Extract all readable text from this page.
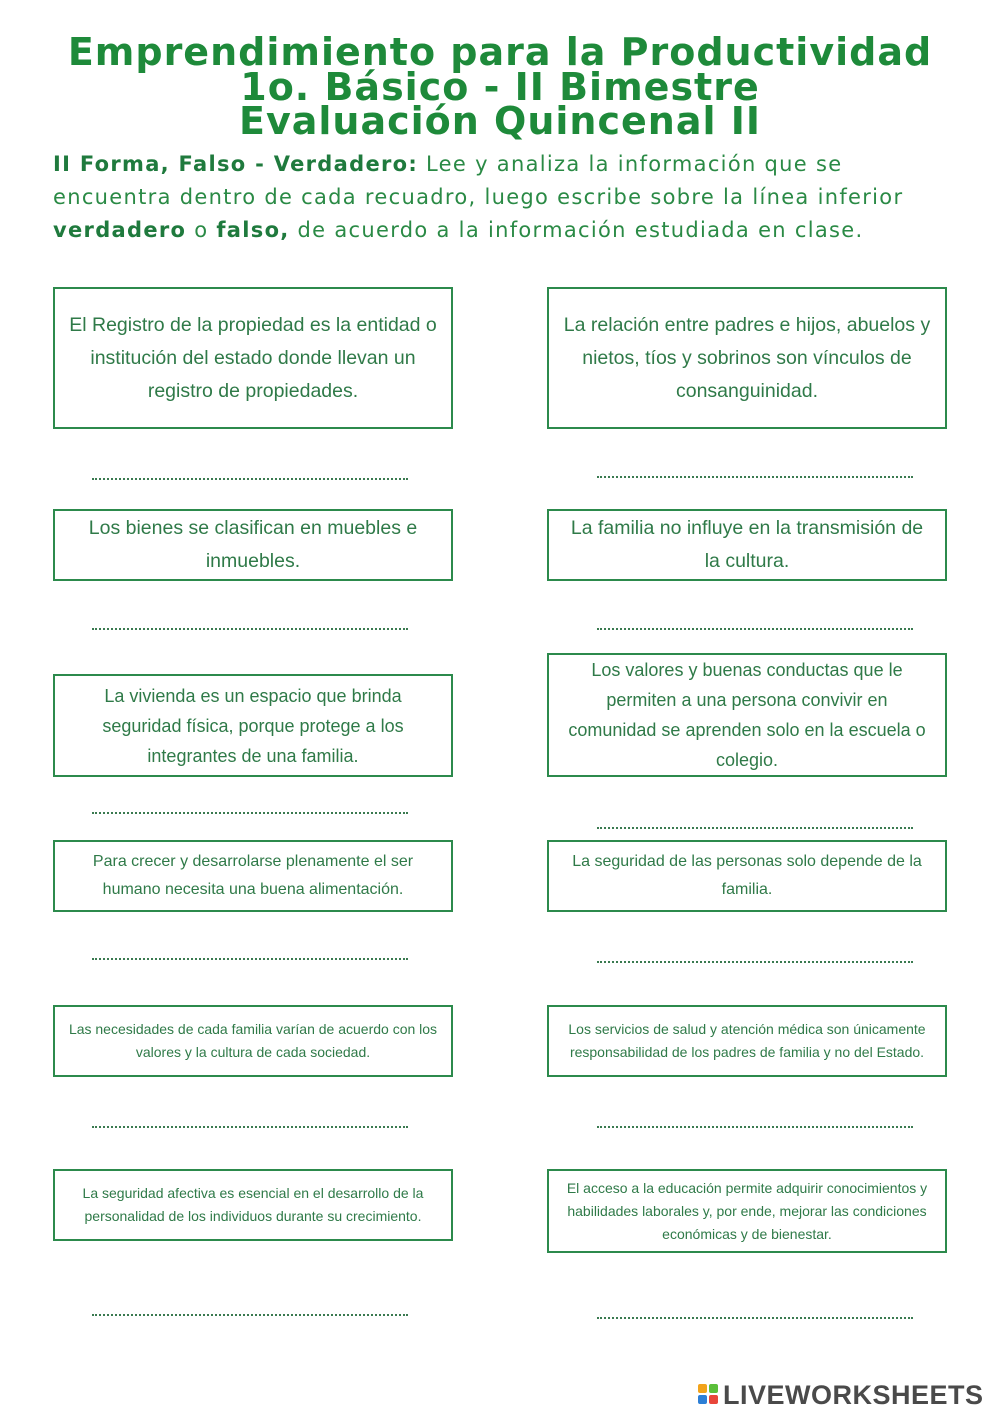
Emprendimiento para la Productividad
1o. Básico - II Bimestre
Evaluación Quincenal II
II Forma, Falso - Verdadero: Lee y analiza la información que se encuentra dentro de cada recuadro, luego escribe sobre la línea inferior verdadero o falso, de acuerdo a la información estudiada en clase.
El Registro de la propiedad es la entidad o institución del estado donde llevan un registro de propiedades.
La relación entre padres e hijos, abuelos y nietos, tíos y sobrinos son vínculos de consanguinidad.
Los bienes se clasifican en muebles e inmuebles.
La familia no influye en la transmisión de la cultura.
La vivienda es un espacio que brinda seguridad física, porque protege a los integrantes de una familia.
Los valores y buenas conductas que le permiten a una persona convivir en comunidad se aprenden solo en la escuela o colegio.
Para crecer y desarrolarse plenamente el ser humano necesita una buena alimentación.
La seguridad de las personas solo depende de la familia.
Las necesidades de cada familia varían de acuerdo con los valores y la cultura de cada sociedad.
Los servicios de salud y atención médica son únicamente responsabilidad de los padres de familia y no del Estado.
La seguridad afectiva es esencial en el desarrollo de la personalidad de los individuos durante su crecimiento.
El acceso a la educación permite adquirir conocimientos y habilidades laborales y, por ende, mejorar las condiciones económicas y de bienestar.
LIVEWORKSHEETS
